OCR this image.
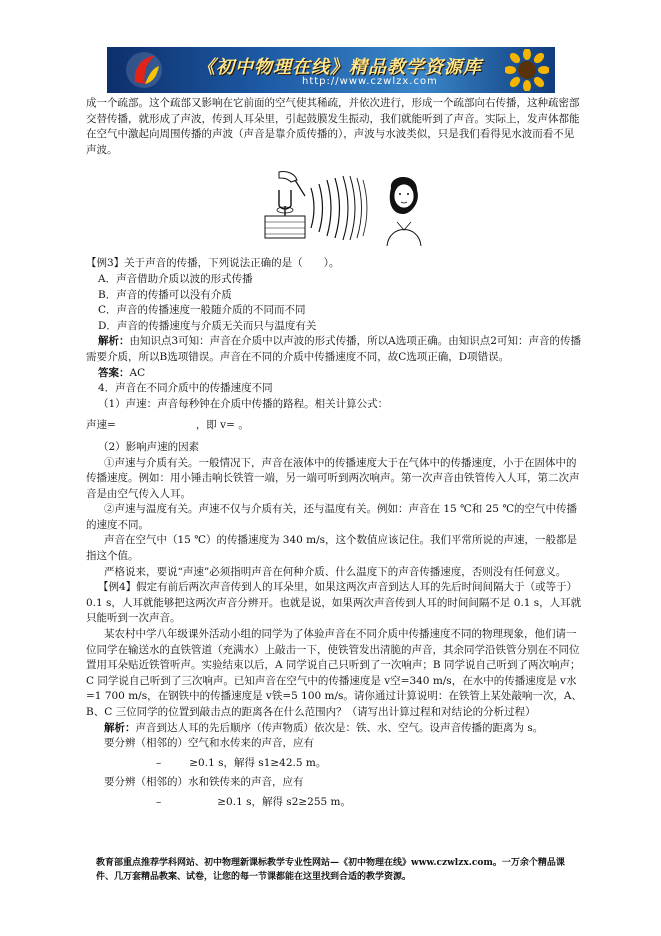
《初中物理在线》精品教学资源库
http://www.czwlzx.com

成一个疏部。这个疏部又影响在它前面的空气使其稀疏，并依次进行，形成一个疏部向右传播，这种疏密部交替传播，就形成了声波，传到人耳朵里，引起鼓膜发生振动，我们就能听到了声音。实际上，发声体都能在空气中激起向周围传播的声波（声音是靠介质传播的），声波与水波类似，只是我们看得见水波而看不见声波。

【例3】关于声音的传播，下列说法正确的是（　　）。

A．声音借助介质以波的形式传播

B．声音的传播可以没有介质

C．声音的传播速度一般随介质的不同而不同

D．声音的传播速度与介质无关而只与温度有关

解析：由知识点3可知：声音在介质中以声波的形式传播，所以A选项正确。由知识点2可知：声音的传播需要介质，所以B选项错误。声音在不同的介质中传播速度不同，故C选项正确，D项错误。

答案：AC

4．声音在不同介质中的传播速度不同

（1）声速：声音每秒钟在介质中传播的路程。相关计算公式：

声速=	，即 v= 。

（2）影响声速的因素

①声速与介质有关。一般情况下，声音在液体中的传播速度大于在气体中的传播速度，小于在固体中的传播速度。例如：用小锤击响长铁管一端，另一端可听到两次响声。第一次声音由铁管传入人耳，第二次声音是由空气传入人耳。

②声速与温度有关。声速不仅与介质有关，还与温度有关。例如：声音在 15 ℃和 25 ℃的空气中传播的速度不同。

声音在空气中（15 ℃）的传播速度为 340 m/s，这个数值应该记住。我们平常所说的声速，一般都是指这个值。

严格说来，要说“声速”必须指明声音在何种介质、什么温度下的声音传播速度，否则没有任何意义。

【例4】假定有前后两次声音传到人的耳朵里，如果这两次声音到达人耳的先后时间间隔大于（或等于）0.1 s，人耳就能够把这两次声音分辨开。也就是说，如果两次声音传到人耳的时间间隔不足 0.1 s，人耳就只能听到一次声音。

某农村中学八年级课外活动小组的同学为了体验声音在不同介质中传播速度不同的物理现象，他们请一位同学在输送水的直铁管道（充满水）上敲击一下，使铁管发出清脆的声音，其余同学沿铁管分别在不同位置用耳朵贴近铁管听声。实验结束以后，A 同学说自己只听到了一次响声；B 同学说自己听到了两次响声；C 同学说自己听到了三次响声。已知声音在空气中的传播速度是 v空=340 m/s，在水中的传播速度是 v水=1 700 m/s，在钢铁中的传播速度是 v铁=5 100 m/s。请你通过计算说明：在铁管上某处敲响一次，A、B、C 三位同学的位置到敲击点的距离各在什么范围内？（请写出计算过程和对结论的分析过程）

解析：声音到达人耳的先后顺序（传声物质）依次是：铁、水、空气。设声音传播的距离为 s。

要分辨（相邻的）空气和水传来的声音，应有

–	≥0.1 s，解得 s1≥42.5 m。

要分辨（相邻的）水和铁传来的声音，应有

–	≥0.1 s，解得 s2≥255 m。

教育部重点推荐学科网站、初中物理新课标教学专业性网站—《初中物理在线》www.czwlzx.com。一万余个精品课件、几万套精品教案、试卷，让您的每一节课都能在这里找到合适的教学资源。
